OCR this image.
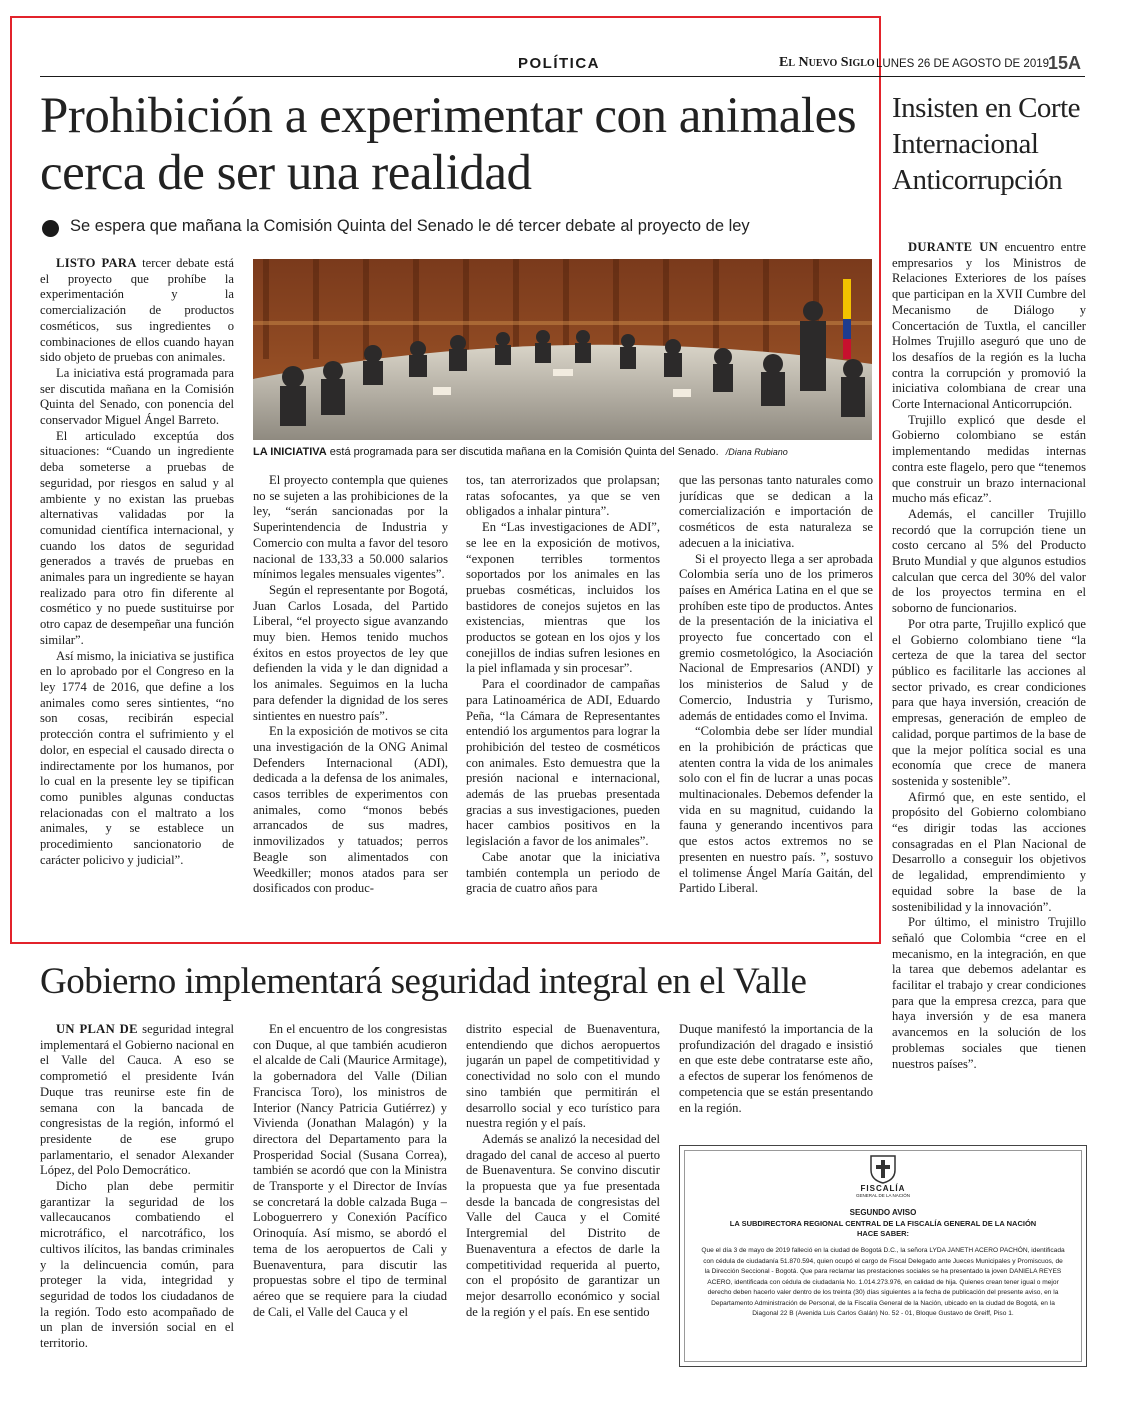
POLÍTICA	El Nuevo Siglo LUNES 26 DE AGOSTO DE 2019
15A
Prohibición a experimentar con animales cerca de ser una realidad
Se espera que mañana la Comisión Quinta del Senado le dé tercer debate al proyecto de ley

LISTO PARA tercer debate está el proyecto que prohíbe la experimentación y la comercialización de productos cosméticos, sus ingredientes o combinaciones de ellos cuando hayan sido objeto de pruebas con animales.

La iniciativa está programada para ser discutida mañana en la Comisión Quinta del Senado, con ponencia del conservador Miguel Ángel Barreto.

El articulado exceptúa dos situaciones: “Cuando un ingrediente deba someterse a pruebas de seguridad, por riesgos en salud y al ambiente y no existan las pruebas alternativas validadas por la comunidad científica internacional, y cuando los datos de seguridad generados a través de pruebas en animales para un ingrediente se hayan realizado para otro fin diferente al cosmético y no puede sustituirse por otro capaz de desempeñar una función similar”.

Así mismo, la iniciativa se justifica en lo aprobado por el Congreso en la ley 1774 de 2016, que define a los animales como seres sintientes, “no son cosas, recibirán especial protección contra el sufrimiento y el dolor, en especial el causado directa o indirectamente por los humanos, por lo cual en la presente ley se tipifican como punibles algunas conductas relacionadas con el maltrato a los animales, y se establece un procedimiento sancionatorio de carácter policivo y judicial”.

LA INICIATIVA está programada para ser discutida mañana en la Comisión Quinta del Senado. /Diana Rubiano

El proyecto contempla que quienes no se sujeten a las prohibiciones de la ley, “serán sancionadas por la Superintendencia de Industria y Comercio con multa a favor del tesoro nacional de 133,33 a 50.000 salarios mínimos legales mensuales vigentes”.

Según el representante por Bogotá, Juan Carlos Losada, del Partido Liberal, “el proyecto sigue avanzando muy bien. Hemos tenido muchos éxitos en estos proyectos de ley que defienden la vida y le dan dignidad a los animales. Seguimos en la lucha para defender la dignidad de los seres sintientes en nuestro país”.

En la exposición de motivos se cita una investigación de la ONG Animal Defenders Internacional (ADI), dedicada a la defensa de los animales, casos terribles de experimentos con animales, como “monos bebés arrancados de sus madres, inmovilizados y tatuados; perros Beagle son alimentados con Weedkiller; monos atados para ser dosificados con produc-

tos, tan aterrorizados que prolapsan; ratas sofocantes, ya que se ven obligados a inhalar pintura”.

En “Las investigaciones de ADI”, se lee en la exposición de motivos, “exponen terribles tormentos soportados por los animales en las pruebas cosméticas, incluidos los bastidores de conejos sujetos en las existencias, mientras que los productos se gotean en los ojos y los conejillos de indias sufren lesiones en la piel inflamada y sin procesar”.

Para el coordinador de campañas para Latinoamérica de ADI, Eduardo Peña, “la Cámara de Representantes entendió los argumentos para lograr la prohibición del testeo de cosméticos con animales. Esto demuestra que la presión nacional e internacional, además de las pruebas presentada gracias a sus investigaciones, pueden hacer cambios positivos en la legislación a favor de los animales”.

Cabe anotar que la iniciativa también contempla un periodo de gracia de cuatro años para

que las personas tanto naturales como jurídicas que se dedican a la comercialización e importación de cosméticos de esta naturaleza se adecuen a la iniciativa.

Si el proyecto llega a ser aprobada Colombia sería uno de los primeros países en América Latina en el que se prohíben este tipo de productos. Antes de la presentación de la iniciativa el proyecto fue concertado con el gremio cosmetológico, la Asociación Nacional de Empresarios (ANDI) y los ministerios de Salud y de Comercio, Industria y Turismo, además de entidades como el Invima.

“Colombia debe ser líder mundial en la prohibición de prácticas que atenten contra la vida de los animales solo con el fin de lucrar a unas pocas multinacionales. Debemos defender la vida en su magnitud, cuidando la fauna y generando incentivos para que estos actos extremos no se presenten en nuestro país. ”, sostuvo el tolimense Ángel María Gaitán, del Partido Liberal.

Insisten en Corte Internacional Anticorrupción

DURANTE UN encuentro entre empresarios y los Ministros de Relaciones Exteriores de los países que participan en la XVII Cumbre del Mecanismo de Diálogo y Concertación de Tuxtla, el canciller Holmes Trujillo aseguró que uno de los desafíos de la región es la lucha contra la corrupción y promovió la iniciativa colombiana de crear una Corte Internacional Anticorrupción.

Trujillo explicó que desde el Gobierno colombiano se están implementando medidas internas contra este flagelo, pero que “tenemos que construir un brazo internacional mucho más eficaz”.

Además, el canciller Trujillo recordó que la corrupción tiene un costo cercano al 5% del Producto Bruto Mundial y que algunos estudios calculan que cerca del 30% del valor de los proyectos termina en el soborno de funcionarios.

Por otra parte, Trujillo explicó que el Gobierno colombiano tiene “la certeza de que la tarea del sector público es facilitarle las acciones al sector privado, es crear condiciones para que haya inversión, creación de empresas, generación de empleo de calidad, porque partimos de la base de que la mejor política social es una economía que crece de manera sostenida y sostenible”.

Afirmó que, en este sentido, el propósito del Gobierno colombiano “es dirigir todas las acciones consagradas en el Plan Nacional de Desarrollo a conseguir los objetivos de legalidad, emprendimiento y equidad sobre la base de la sostenibilidad y la innovación”.

Por último, el ministro Trujillo señaló que Colombia “cree en el mecanismo, en la integración, en que la tarea que debemos adelantar es facilitar el trabajo y crear condiciones para que la empresa crezca, para que haya inversión y de esa manera avancemos en la solución de los problemas sociales que tienen nuestros países”.

Gobierno implementará seguridad integral en el Valle

UN PLAN DE seguridad integral implementará el Gobierno nacional en el Valle del Cauca. A eso se comprometió el presidente Iván Duque tras reunirse este fin de semana con la bancada de congresistas de la región, informó el presidente de ese grupo parlamentario, el senador Alexander López, del Polo Democrático.

Dicho plan debe permitir garantizar la seguridad de los vallecaucanos combatiendo el microtráfico, el narcotráfico, los cultivos ilícitos, las bandas criminales y la delincuencia común, para proteger la vida, integridad y seguridad de todos los ciudadanos de la región. Todo esto acompañado de un plan de inversión social en el territorio.

En el encuentro de los congresistas con Duque, al que también acudieron el alcalde de Cali (Maurice Armitage), la gobernadora del Valle (Dilian Francisca Toro), los ministros de Interior (Nancy Patricia Gutiérrez) y Vivienda (Jonathan Malagón) y la directora del Departamento para la Prosperidad Social (Susana Correa), también se acordó que con la Ministra de Transporte y el Director de Invías se concretará la doble calzada Buga – Loboguerrero y Conexión Pacífico Orinoquía. Así mismo, se abordó el tema de los aeropuertos de Cali y Buenaventura, para discutir las propuestas sobre el tipo de terminal aéreo que se requiere para la ciudad de Cali, el Valle del Cauca y el

distrito especial de Buenaventura, entendiendo que dichos aeropuertos jugarán un papel de competitividad y conectividad no solo con el mundo sino también que permitirán el desarrollo social y eco turístico para nuestra región y el país.

Además se analizó la necesidad del dragado del canal de acceso al puerto de Buenaventura. Se convino discutir la propuesta que ya fue presentada desde la bancada de congresistas del Valle del Cauca y el Comité Intergremial del Distrito de Buenaventura a efectos de darle la competitividad requerida al puerto, con el propósito de garantizar un mejor desarrollo económico y social de la región y el país. En ese sentido

Duque manifestó la importancia de la profundización del dragado e insistió en que este debe contratarse este año, a efectos de superar los fenómenos de competencia que se están presentando en la región.

FISCALÍA
GENERAL DE LA NACIÓN
SEGUNDO AVISO
LA SUBDIRECTORA REGIONAL CENTRAL DE LA FISCALÍA GENERAL DE LA NACIÓN
HACE SABER:
Que el día 3 de mayo de 2019 falleció en la ciudad de Bogotá D.C., la señora LYDA JANETH ACERO PACHÓN, identificada con cédula de ciudadanía 51.870.594, quien ocupó el cargo de Fiscal Delegado ante Jueces Municipales y Promiscuos, de la Dirección Seccional - Bogotá. Que para reclamar las prestaciones sociales se ha presentado la joven DANIELA REYES ACERO, identificada con cédula de ciudadanía No. 1.014.273.976, en calidad de hija. Quienes crean tener igual o mejor derecho deben hacerlo valer dentro de los treinta (30) días siguientes a la fecha de publicación del presente aviso, en la Departamento Administración de Personal, de la Fiscalía General de la Nación, ubicado en la ciudad de Bogotá, en la Diagonal 22 B (Avenida Luis Carlos Galán) No. 52 - 01, Bloque Gustavo de Greiff, Piso 1.
